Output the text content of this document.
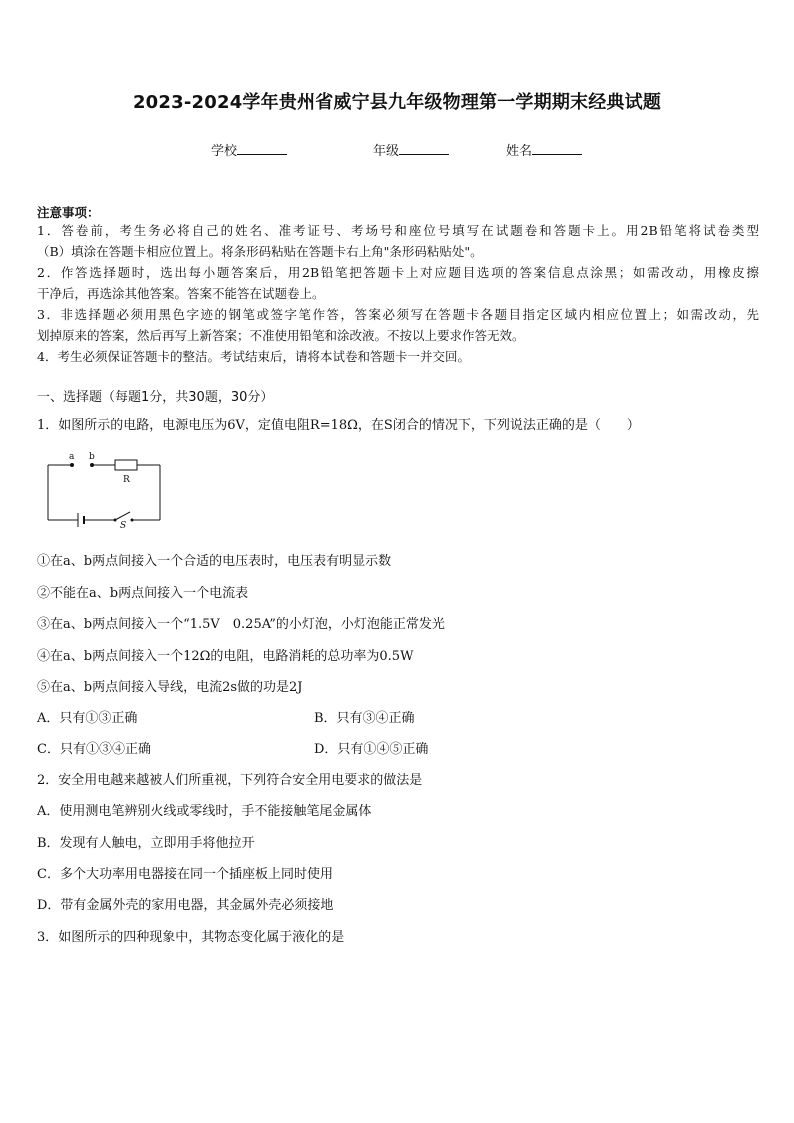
2023-2024学年贵州省威宁县九年级物理第一学期期末经典试题
学校	年级	姓名
注意事项：
1．答卷前，考生务必将自己的姓名、准考证号、考场号和座位号填写在试题卷和答题卡上。用2B铅笔将试卷类型
（B）填涂在答题卡相应位置上。将条形码粘贴在答题卡右上角"条形码粘贴处"。
2．作答选择题时，选出每小题答案后，用2B铅笔把答题卡上对应题目选项的答案信息点涂黑；如需改动，用橡皮擦
干净后，再选涂其他答案。答案不能答在试题卷上。
3．非选择题必须用黑色字迹的钢笔或签字笔作答，答案必须写在答题卡各题目指定区域内相应位置上；如需改动，先
划掉原来的答案，然后再写上新答案；不准使用铅笔和涂改液。不按以上要求作答无效。
4．考生必须保证答题卡的整洁。考试结束后，请将本试卷和答题卡一并交回。
一、选择题（每题1分，共30题，30分）
1．如图所示的电路，电源电压为6V，定值电阻R=18Ω，在S闭合的情况下，下列说法正确的是（　　）
a b
R
S
①在a、b两点间接入一个合适的电压表时，电压表有明显示数
②不能在a、b两点间接入一个电流表
③在a、b两点间接入一个“1.5V　0.25A”的小灯泡，小灯泡能正常发光
④在a、b两点间接入一个12Ω的电阻，电路消耗的总功率为0.5W
⑤在a、b两点间接入导线，电流2s做的功是2J
A．只有①③正确	B．只有③④正确
C．只有①③④正确	D．只有①④⑤正确
2．安全用电越来越被人们所重视，下列符合安全用电要求的做法是
A．使用测电笔辨别火线或零线时，手不能接触笔尾金属体
B．发现有人触电，立即用手将他拉开
C．多个大功率用电器接在同一个插座板上同时使用
D．带有金属外壳的家用电器，其金属外壳必须接地
3．如图所示的四种现象中，其物态变化属于液化的是
